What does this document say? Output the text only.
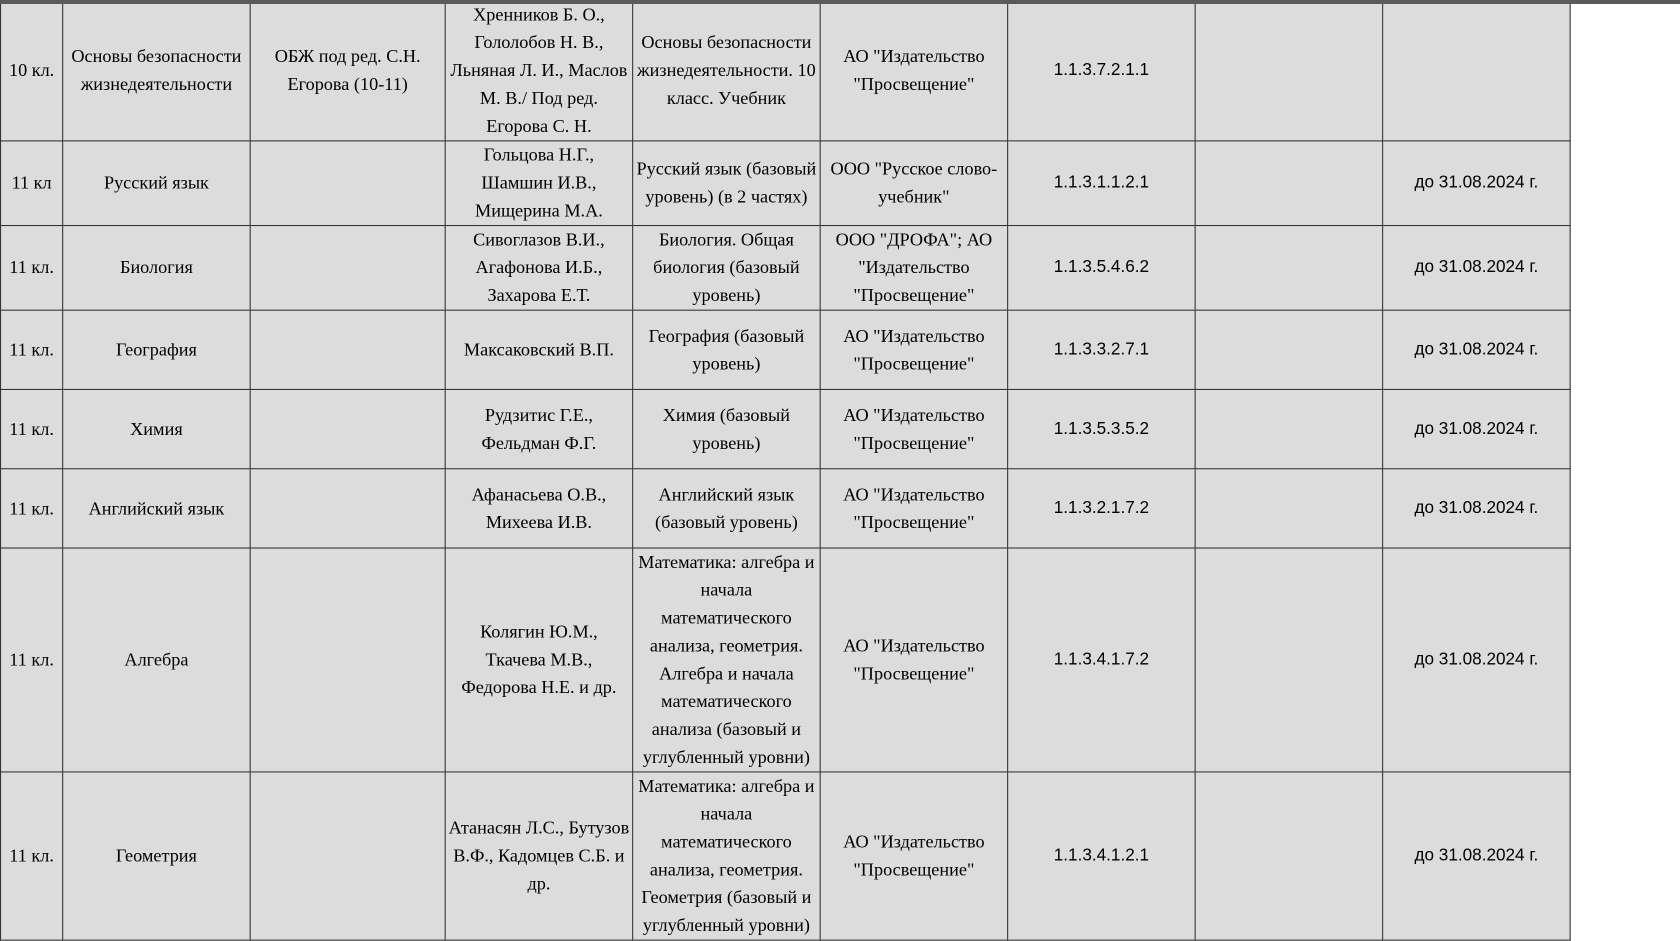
10 кл.	Основы безопасности жизнедеятельности	ОБЖ под ред. С.Н. Егорова (10-11)	Хренников Б. О., Гололобов Н. В., Льняная Л. И., Маслов М. В./ Под ред. Егорова С. Н.	Основы безопасности жизнедеятельности. 10 класс. Учебник	АО "Издательство "Просвещение"	1.1.3.7.2.1.1		
11 кл	Русский язык		Гольцова Н.Г., Шамшин И.В., Мищерина М.А.	Русский язык (базовый уровень) (в 2 частях)	ООО "Русское слово-учебник"	1.1.3.1.1.2.1		до 31.08.2024 г.
11 кл.	Биология		Сивоглазов В.И., Агафонова И.Б., Захарова Е.Т.	Биология. Общая биология (базовый уровень)	ООО "ДРОФА"; АО "Издательство "Просвещение"	1.1.3.5.4.6.2		до 31.08.2024 г.
11 кл.	География		Максаковский В.П.	География (базовый уровень)	АО "Издательство "Просвещение"	1.1.3.3.2.7.1		до 31.08.2024 г.
11 кл.	Химия		Рудзитис Г.Е., Фельдман Ф.Г.	Химия (базовый уровень)	АО "Издательство "Просвещение"	1.1.3.5.3.5.2		до 31.08.2024 г.
11 кл.	Английский язык		Афанасьева О.В., Михеева И.В.	Английский язык (базовый уровень)	АО "Издательство "Просвещение"	1.1.3.2.1.7.2		до 31.08.2024 г.
11 кл.	Алгебра		Колягин Ю.М., Ткачева М.В., Федорова Н.Е. и др.	Математика: алгебра и начала математического анализа, геометрия. Алгебра и начала математического анализа (базовый и углубленный уровни)	АО "Издательство "Просвещение"	1.1.3.4.1.7.2		до 31.08.2024 г.
11 кл.	Геометрия		Атанасян Л.С., Бутузов В.Ф., Кадомцев С.Б. и др.	Математика: алгебра и начала математического анализа, геометрия. Геометрия (базовый и углубленный уровни)	АО "Издательство "Просвещение"	1.1.3.4.1.2.1		до 31.08.2024 г.
